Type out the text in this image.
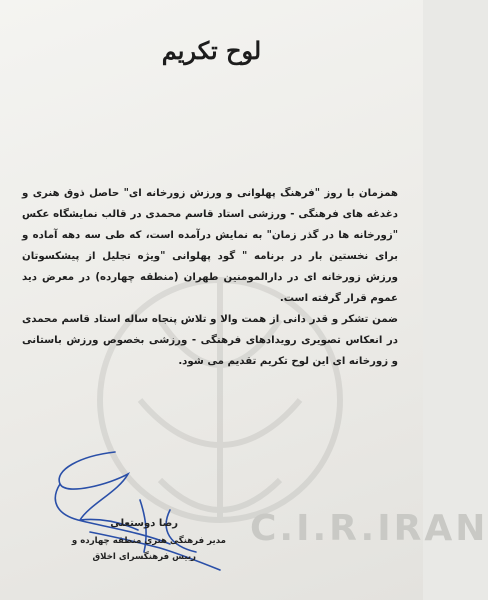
C.I.R.IRAN
لوح تکریم

همزمان با روز "فرهنگ پهلوانی و ورزش زورخانه ای" حاصل ذوق هنری و دغدغه های فرهنگی - ورزشی استاد قاسم محمدی در قالب نمایشگاه عکس "زورخانه ها در گذر زمان" به نمایش درآمده است، که طی سه دهه آماده و برای نخستین بار در برنامه " گود پهلوانی "ویژه تجلیل از پیشکسوتان ورزش زورخانه ای در دارالمومنین طهران (منطقه چهارده) در معرض دید عموم قرار گرفته است.

ضمن تشکر و قدر دانی از همت والا و تلاش پنجاه ساله استاد قاسم محمدی در انعکاس تصویری رویدادهای فرهنگی - ورزشی بخصوص ورزش باستانی و زورخانه ای این لوح تکریم تقدیم می شود.

رضا دوستعلی
مدیر فرهنگی هنری منطقه چهارده و
رییس فرهنگسرای اخلاق
